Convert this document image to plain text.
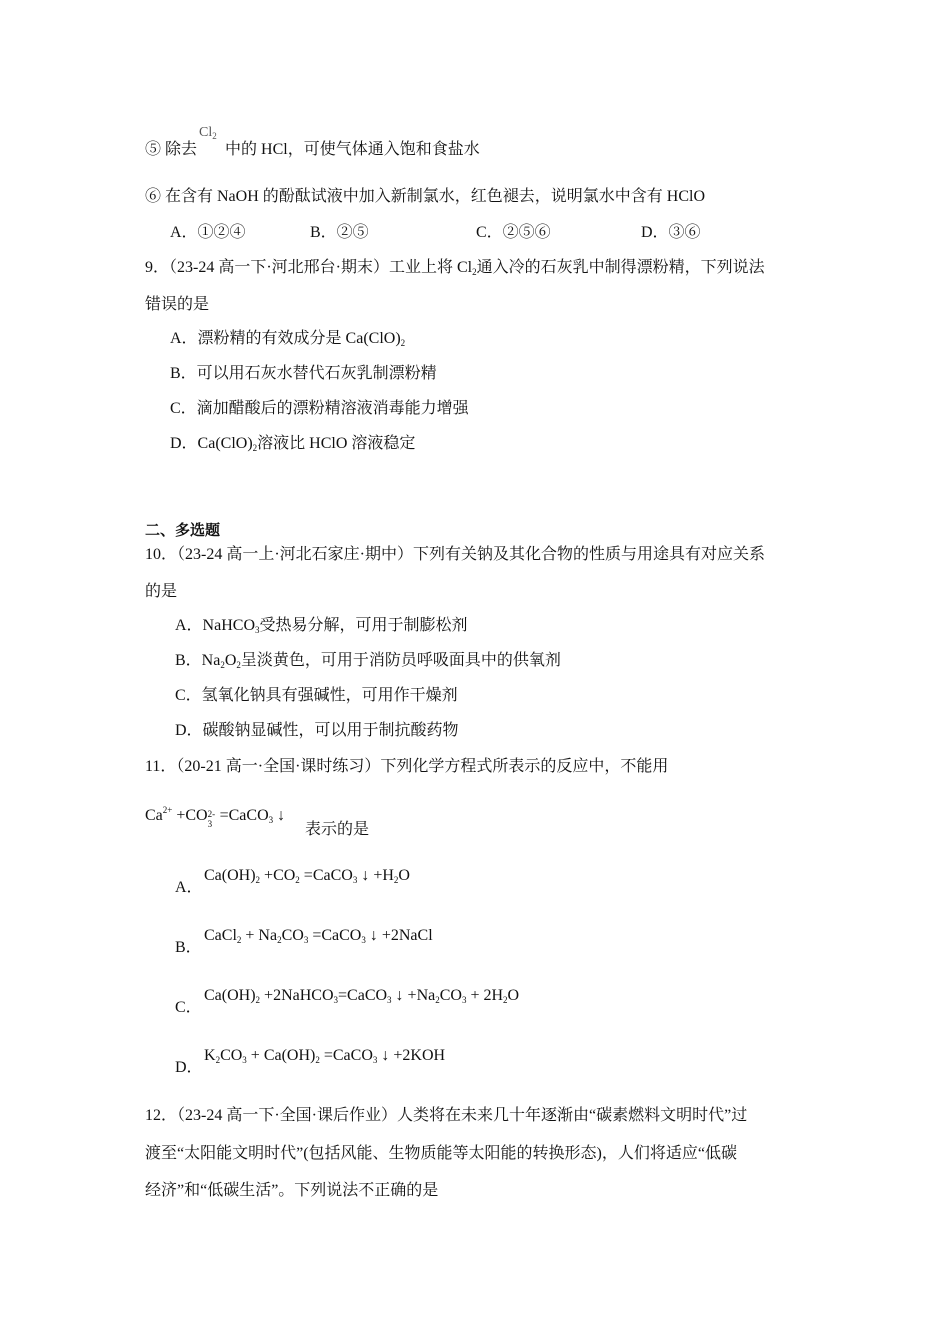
$Cl_2$
⑤ 除去 中的 HCl，可使气体通入饱和食盐水
⑥ 在含有 NaOH 的酚酞试液中加入新制氯水，红色褪去，说明氯水中含有 HClO
A．①②④	B．②⑤	C．②⑤⑥	D．③⑥
9．（23-24 高一下·河北邢台·期末）工业上将 $Cl_2$通入冷的石灰乳中制得漂粉精，下列说法
错误的是
A．漂粉精的有效成分是 $Ca(ClO)_2$
B．可以用石灰水替代石灰乳制漂粉精
C．滴加醋酸后的漂粉精溶液消毒能力增强
D．$Ca(ClO)_2$溶液比 HClO 溶液稳定
二、多选题
10．（23-24 高一上·河北石家庄·期中）下列有关钠及其化合物的性质与用途具有对应关系
的是
A．NaHCO$_3$受热易分解，可用于制膨松剂
B．$Na_2O_2$呈淡黄色，可用于消防员呼吸面具中的供氧剂
C．氢氧化钠具有强碱性，可用作干燥剂
D．碳酸钠显碱性，可以用于制抗酸药物
11．（20-21 高一·全国·课时练习）下列化学方程式所表示的反应中，不能用
$Ca^{2+} +CO$ 2-
3 =CaCO$_3$ ↓
表示的是
A．
$Ca(OH)_2 +CO_2$ =CaCO$_3$ ↓ $+H_2O$
B．
CaCl$_2$ + $Na_2CO_3$ =CaCO$_3$ ↓ +2NaCl
C．
$Ca(OH)_2$ +2NaHCO$_3$=CaCO$_3$ ↓ $+Na_2CO_3 + 2H_2O$
D．
$K_2CO_3 + Ca(OH)_2$ =CaCO$_3$ ↓ +2KOH
12．（23-24 高一下·全国·课后作业）人类将在未来几十年逐渐由“碳素燃料文明时代”过
渡至“太阳能文明时代”(包括风能、生物质能等太阳能的转换形态)，人们将适应“低碳
经济”和“低碳生活”。下列说法不正确的是
